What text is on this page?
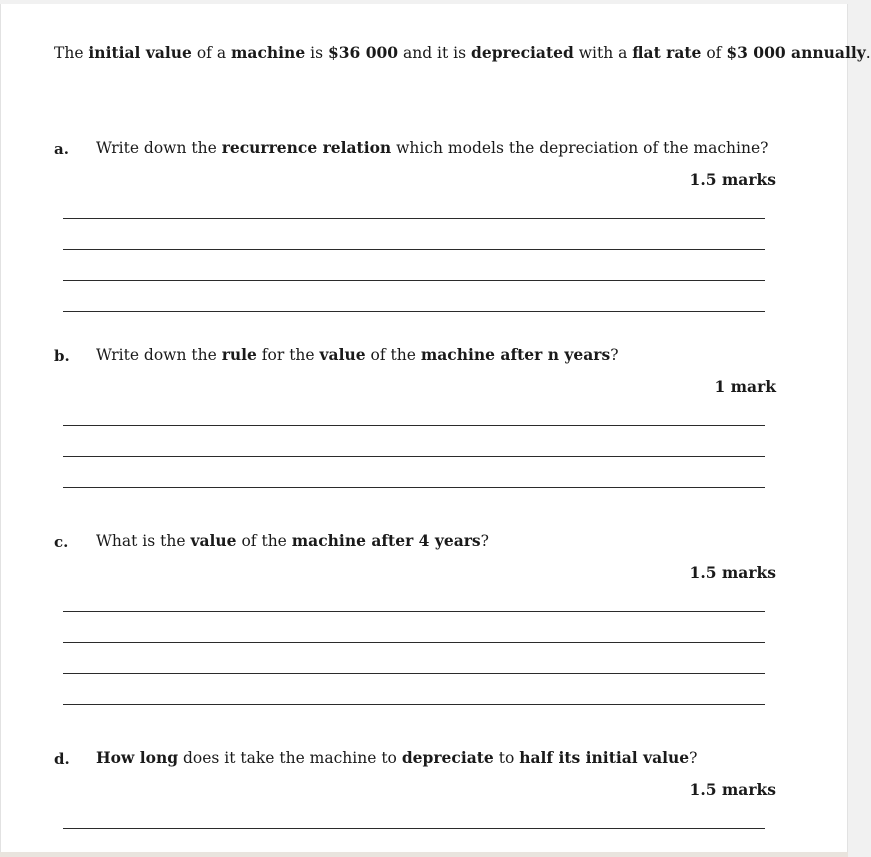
The initial value of a machine is $36 000 and it is depreciated with a flat rate of $3 000 annually.
a. Write down the recurrence relation which models the depreciation of the machine?
1.5 marks
b. Write down the rule for the value of the machine after n years?
1 mark
c. What is the value of the machine after 4 years?
1.5 marks
d. How long does it take the machine to depreciate to half its initial value?
1.5 marks
